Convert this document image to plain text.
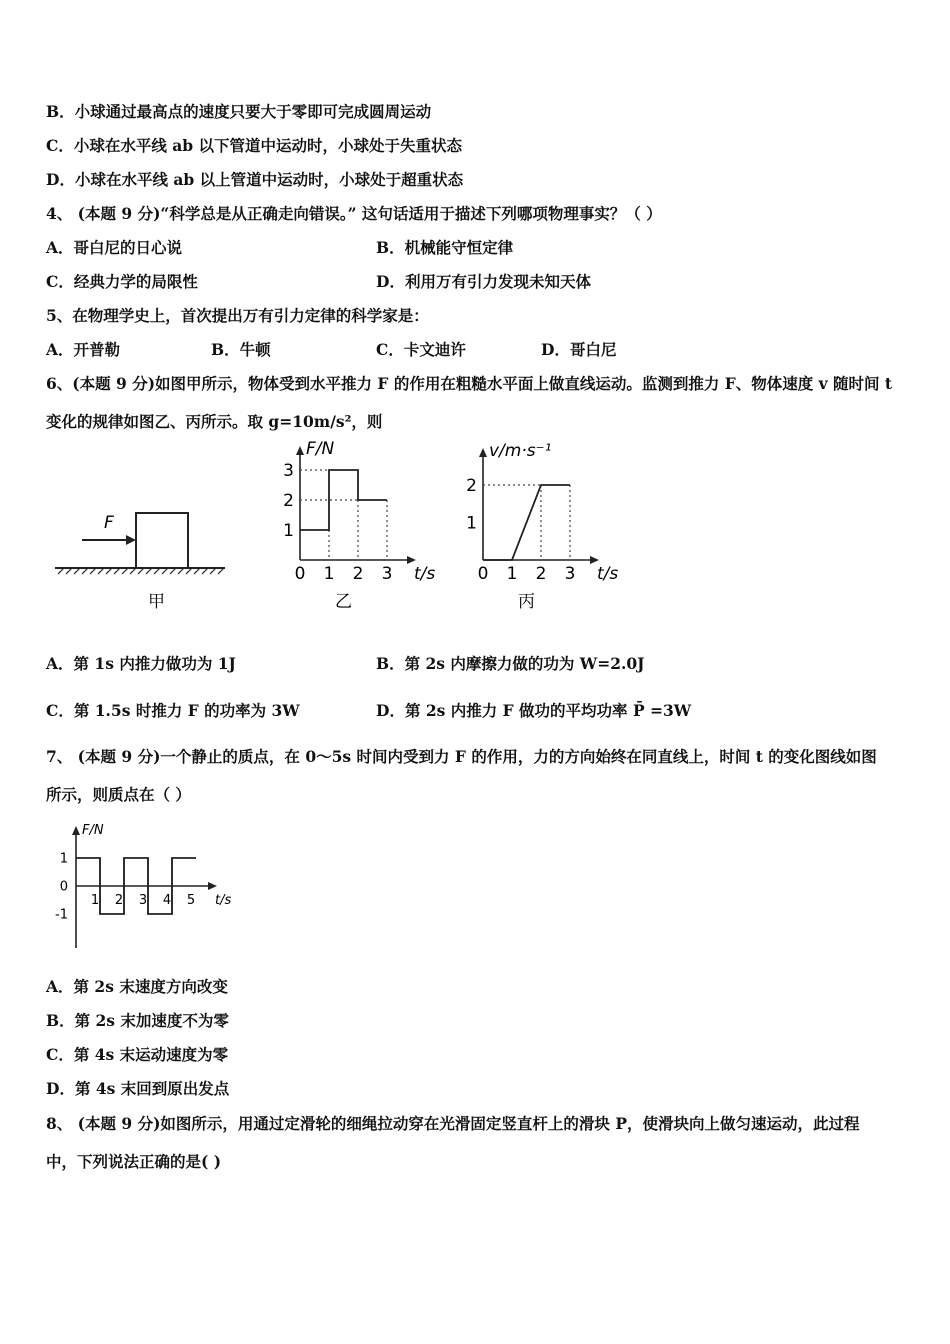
B．小球通过最高点的速度只要大于零即可完成圆周运动
C．小球在水平线 ab 以下管道中运动时，小球处于失重状态
D．小球在水平线 ab 以上管道中运动时，小球处于超重状态
4、 (本题 9 分)“科学总是从正确走向错误。” 这句话适用于描述下列哪项物理事实？（ ）
A．哥白尼的日心说	B．机械能守恒定律
C．经典力学的局限性	D．利用万有引力发现未知天体
5、在物理学史上，首次提出万有引力定律的科学家是：
A．开普勒	B．牛顿	C．卡文迪许	D．哥白尼
6、(本题 9 分)如图甲所示，物体受到水平推力 F 的作用在粗糙水平面上做直线运动。监测到推力 F、物体速度 v 随时间 t
变化的规律如图乙、丙所示。取 g=10m/s²，则
F
甲
0 1 2 3
1
2
3
F/N
t/s
乙
0 1 2 3
1
2
v/m·s⁻¹
t/s
丙
A．第 1s 内推力做功为 1J	B．第 2s 内摩擦力做的功为 W=2.0J
C．第 1.5s 时推力 F 的功率为 3W	D．第 2s 内推力 F 做功的平均功率 P̄ =3W
7、 (本题 9 分)一个静止的质点，在 0～5s 时间内受到力 F 的作用，力的方向始终在同直线上，时间 t 的变化图线如图
所示，则质点在（ ）
1 2 3 4 5
1
0
-1
F/N
t/s
A．第 2s 末速度方向改变
B．第 2s 末加速度不为零
C．第 4s 末运动速度为零
D．第 4s 末回到原出发点
8、 (本题 9 分)如图所示，用通过定滑轮的细绳拉动穿在光滑固定竖直杆上的滑块 P，使滑块向上做匀速运动，此过程
中，下列说法正确的是( )
